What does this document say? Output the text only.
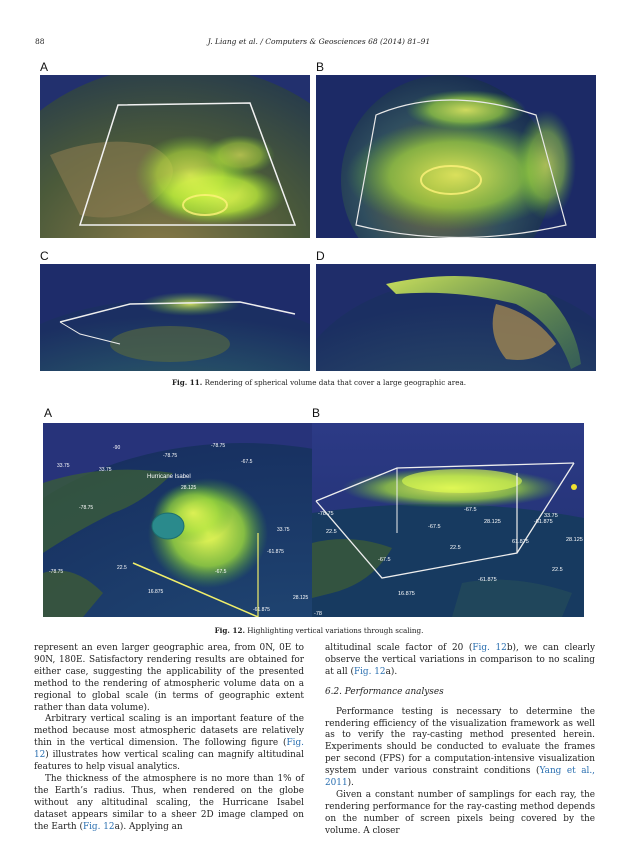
88	J. Liang et al. / Computers & Geosciences 68 (2014) 81–91
A	B
C	D
Fig. 11. Rendering of spherical volume data that cover a large geographic area.
A	B
-90
-78.75
-78.75
-67.5
33.75
33.75
28.125
-78.75
33.75
-61.875
22.5
-67.5
28.125
16.875
-61.875
-78.75
Hurricane Isabel
-67.5
28.125
33.75
-61.875
-78.75
-67.5
22.5
61.875	28.125
22.5
-61.875
-67.5
22.5
16.875
-78
Fig. 12. Highlighting vertical variations through scaling.

represent an even larger geographic area, from 0N, 0E to 90N, 180E. Satisfactory rendering results are obtained for either case, suggesting the applicability of the presented method to the rendering of atmospheric volume data on a regional to global scale (in terms of geographic extent rather than data volume).

Arbitrary vertical scaling is an important feature of the method because most atmospheric datasets are relatively thin in the vertical dimension. The following figure (Fig. 12) illustrates how vertical scaling can magnify altitudinal features to help visual analytics.

The thickness of the atmosphere is no more than 1% of the Earth’s radius. Thus, when rendered on the globe without any altitudinal scaling, the Hurricane Isabel dataset appears similar to a sheer 2D image clamped on the Earth (Fig. 12a). Applying an

altitudinal scale factor of 20 (Fig. 12b), we can clearly observe the vertical variations in comparison to no scaling at all (Fig. 12a).

6.2. Performance analyses

Performance testing is necessary to determine the rendering efficiency of the visualization framework as well as to verify the ray-casting method presented herein. Experiments should be conducted to evaluate the frames per second (FPS) for a computation-intensive visualization system under various constraint conditions (Yang et al., 2011).

Given a constant number of samplings for each ray, the rendering performance for the ray-casting method depends on the number of screen pixels being covered by the volume. A closer
